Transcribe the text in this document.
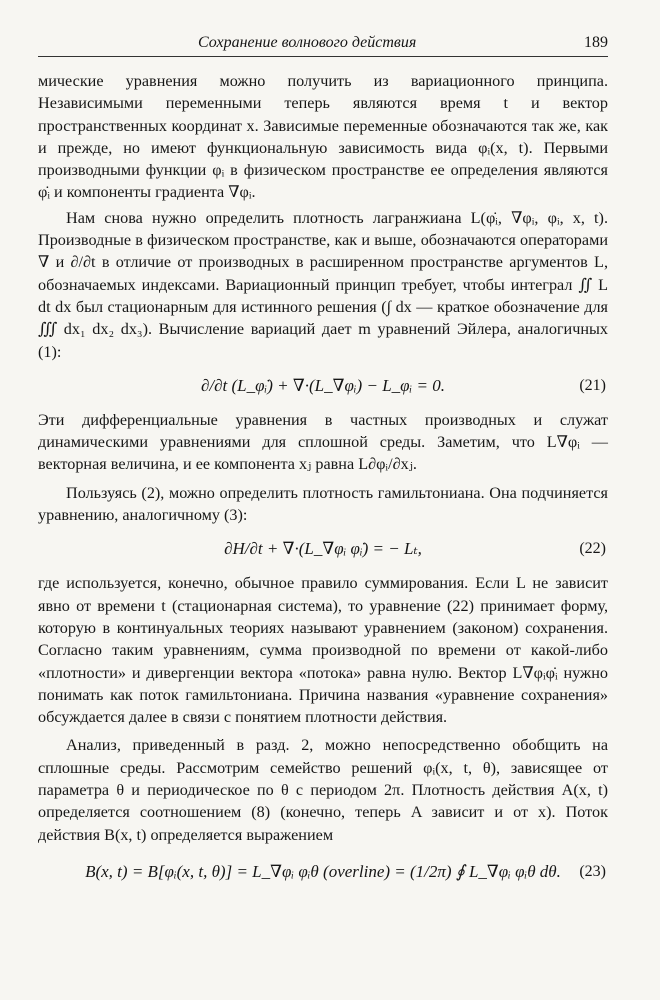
Сохранение волнового действия	189

мические уравнения можно получить из вариационного принципа. Независимыми переменными теперь являются время t и вектор пространственных координат x. Зависимые переменные обозначаются так же, как и прежде, но имеют функциональную зависимость вида φᵢ(x, t). Первыми производными функции φᵢ в физическом пространстве ее определения являются φ̇ᵢ и компоненты градиента ∇φᵢ.

Нам снова нужно определить плотность лагранжиана L(φ̇ᵢ, ∇φᵢ, φᵢ, x, t). Производные в физическом пространстве, как и выше, обозначаются операторами ∇ и ∂/∂t в отличие от производных в расширенном пространстве аргументов L, обозначаемых индексами. Вариационный принцип требует, чтобы интеграл ∬ L dt dx был стационарным для истинного решения (∫ dx — краткое обозначение для ∭ dx₁ dx₂ dx₃). Вычисление вариаций дает m уравнений Эйлера, аналогичных (1):

∂/∂t (L_φ̇ᵢ) + ∇·(L_∇φᵢ) − L_φᵢ = 0.	(21)

Эти дифференциальные уравнения в частных производных и служат динамическими уравнениями для сплошной среды. Заметим, что L∇φᵢ — векторная величина, и ее компонента xⱼ равна L∂φᵢ/∂xⱼ.

Пользуясь (2), можно определить плотность гамильтониана. Она подчиняется уравнению, аналогичному (3):

∂H/∂t + ∇·(L_∇φᵢ φ̇ᵢ) = − Lₜ,	(22)

где используется, конечно, обычное правило суммирования. Если L не зависит явно от времени t (стационарная система), то уравнение (22) принимает форму, которую в континуальных теориях называют уравнением (законом) сохранения. Согласно таким уравнениям, сумма производной по времени от какой-либо «плотности» и дивергенции вектора «потока» равна нулю. Вектор L∇φᵢφ̇ᵢ нужно понимать как поток гамильтониана. Причина названия «уравнение сохранения» обсуждается далее в связи с понятием плотности действия.

Анализ, приведенный в разд. 2, можно непосредственно обобщить на сплошные среды. Рассмотрим семейство решений φᵢ(x, t, θ), зависящее от параметра θ и периодическое по θ с периодом 2π. Плотность действия A(x, t) определяется соотношением (8) (конечно, теперь A зависит и от x). Поток действия B(x, t) определяется выражением

B(x, t) = B[φᵢ(x, t, θ)] = L_∇φᵢ φᵢθ (overline) = (1/2π) ∮ L_∇φᵢ φᵢθ dθ. (23)
